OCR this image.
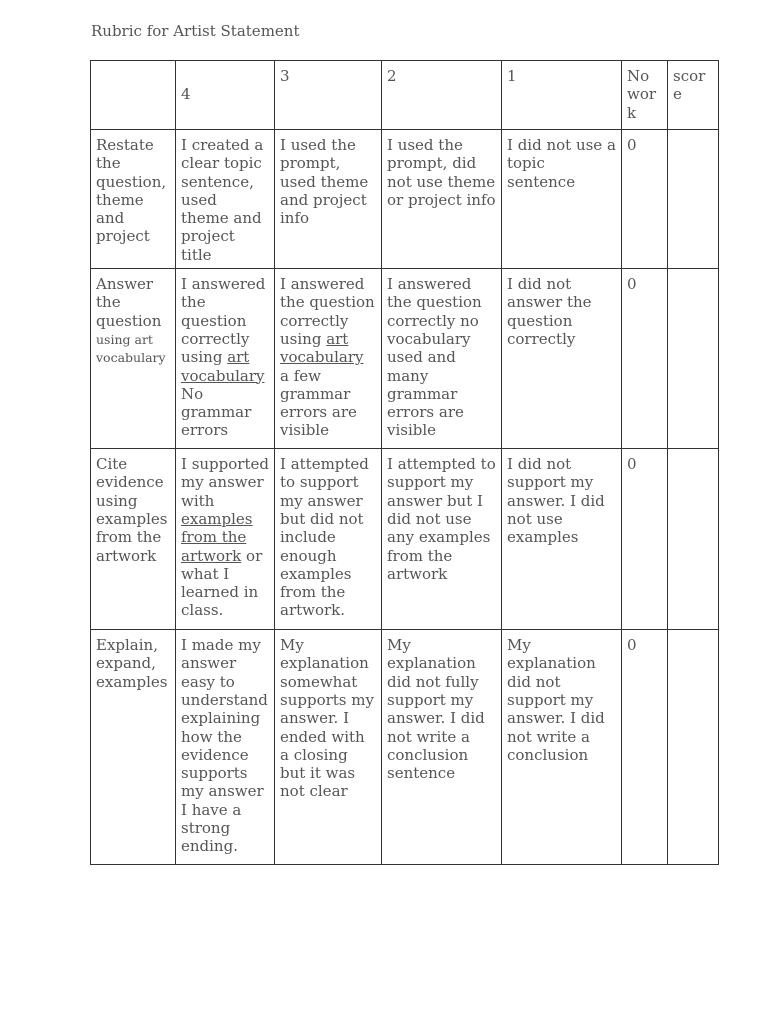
Rubric for Artist Statement
	4	3	2	1	No work	score
Restate the question, theme and project	I created a clear topic sentence, used theme and project title	I used the prompt, used theme and project info	I used the prompt, did not use theme or project info	I did not use a topic sentence	0	
Answer the question using art vocabulary	I answered the question correctly using art vocabulary No grammar errors	I answered the question correctly using art vocabulary a few grammar errors are visible	I answered the question correctly no vocabulary used and many grammar errors are visible	I did not answer the question correctly	0	
Cite evidence using examples from the artwork	I supported my answer with examples from the artwork or what I learned in class.	I attempted to support my answer but did not include enough examples from the artwork.	I attempted to support my answer but I did not use any examples from the artwork	I did not support my answer. I did not use examples	0	
Explain, expand, examples	I made my answer easy to understand explaining how the evidence supports my answer I have a strong ending.	My explanation somewhat supports my answer. I ended with a closing but it was not clear	My explanation did not fully support my answer. I did not write a conclusion sentence	My explanation did not support my answer. I did not write a conclusion	0	
